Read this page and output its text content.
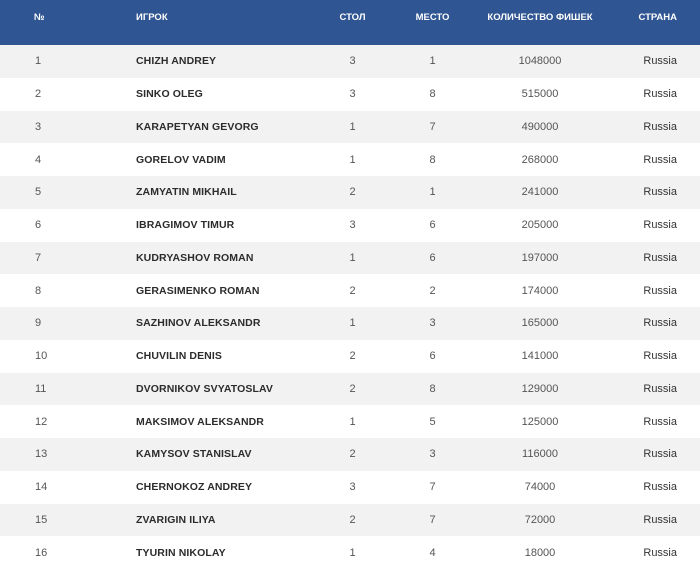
№	ИГРОК	СТОЛ	МЕСТО	КОЛИЧЕСТВО ФИШЕК	СТРАНА
1	CHIZH ANDREY	3	1	1048000	Russia
2	SINKO OLEG	3	8	515000	Russia
3	KARAPETYAN GEVORG	1	7	490000	Russia
4	GORELOV VADIM	1	8	268000	Russia
5	ZAMYATIN MIKHAIL	2	1	241000	Russia
6	IBRAGIMOV TIMUR	3	6	205000	Russia
7	KUDRYASHOV ROMAN	1	6	197000	Russia
8	GERASIMENKO ROMAN	2	2	174000	Russia
9	SAZHINOV ALEKSANDR	1	3	165000	Russia
10	CHUVILIN DENIS	2	6	141000	Russia
11	DVORNIKOV SVYATOSLAV	2	8	129000	Russia
12	MAKSIMOV ALEKSANDR	1	5	125000	Russia
13	KAMYSOV STANISLAV	2	3	116000	Russia
14	CHERNOKOZ ANDREY	3	7	74000	Russia
15	ZVARIGIN ILIYA	2	7	72000	Russia
16	TYURIN NIKOLAY	1	4	18000	Russia
